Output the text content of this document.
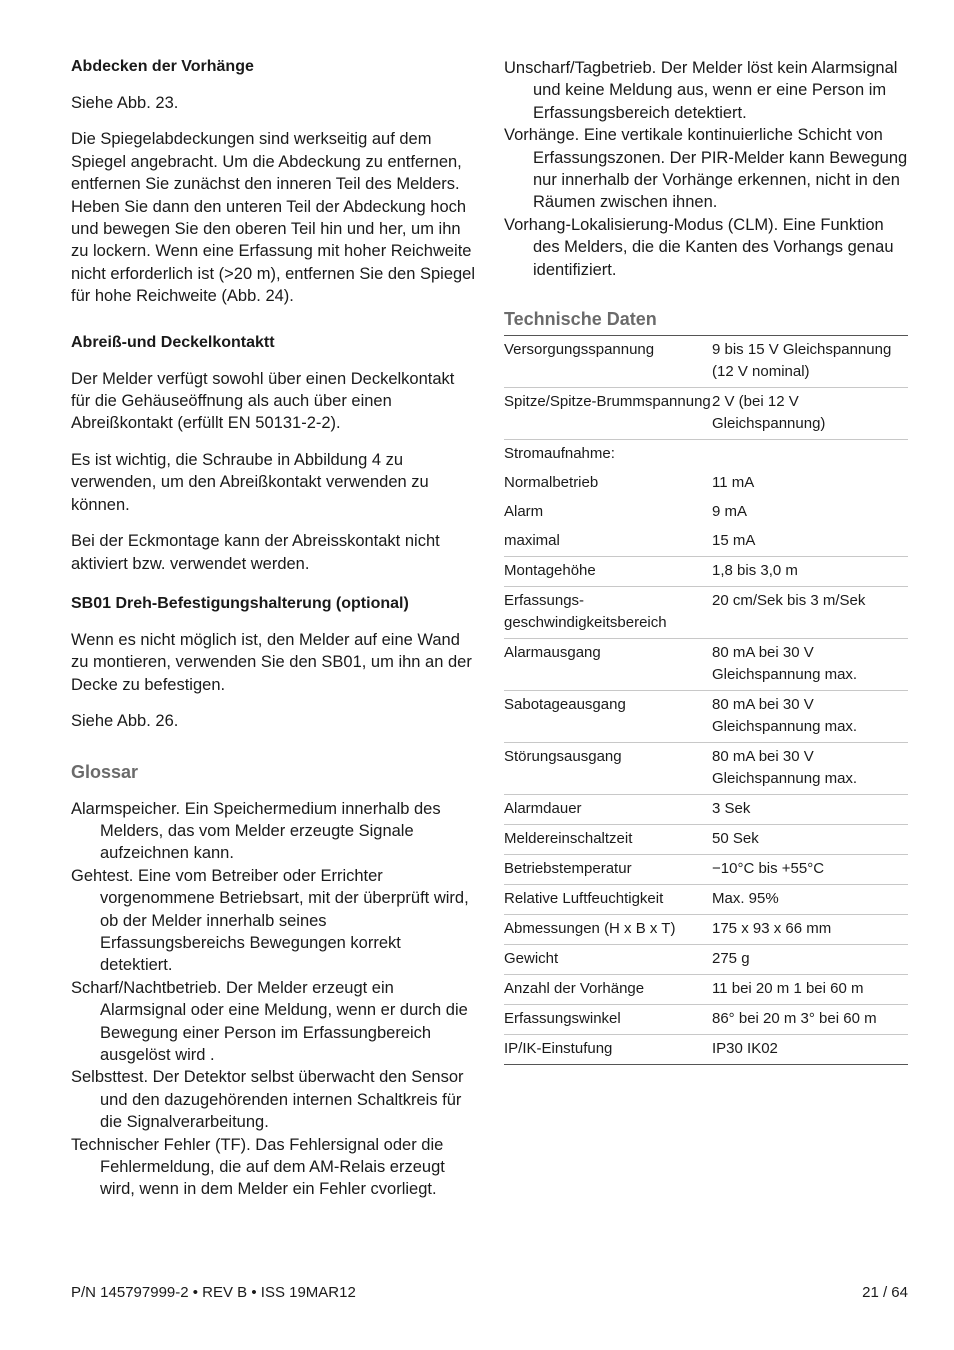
Abdecken der Vorhänge
Siehe Abb. 23.
Die Spiegelabdeckungen sind werkseitig auf dem Spiegel angebracht. Um die Abdeckung zu entfernen, entfernen Sie zunächst den inneren Teil des Melders. Heben Sie dann den unteren Teil der Abdeckung hoch und bewegen Sie den oberen Teil hin und her, um ihn zu lockern. Wenn eine Erfassung mit hoher Reichweite nicht erforderlich ist (>20 m), entfernen Sie den Spiegel für hohe Reichweite (Abb. 24).
Abreiß-und Deckelkontaktt
Der Melder verfügt sowohl über einen Deckelkontakt für die Gehäuseöffnung als auch über einen Abreißkontakt (erfüllt EN 50131-2-2).
Es ist wichtig, die Schraube in Abbildung 4 zu verwenden, um den Abreißkontakt verwenden zu können.
Bei der Eckmontage kann der Abreisskontakt nicht aktiviert bzw. verwendet werden.
SB01 Dreh-Befestigungshalterung (optional)
Wenn es nicht möglich ist, den Melder auf eine Wand zu montieren, verwenden Sie den SB01, um ihn an der Decke zu befestigen.
Siehe Abb. 26.
Glossar
Alarmspeicher. Ein Speichermedium innerhalb des Melders, das vom Melder erzeugte Signale aufzeichnen kann.
Gehtest. Eine vom Betreiber oder Errichter vorgenommene Betriebsart, mit der überprüft wird, ob der Melder innerhalb seines Erfassungsbereichs Bewegungen korrekt detektiert.
Scharf/Nachtbetrieb. Der Melder erzeugt ein Alarmsignal oder eine Meldung, wenn er durch die Bewegung einer Person im Erfassungbereich ausgelöst wird .
Selbsttest. Der Detektor selbst überwacht den Sensor und den dazugehörenden internen Schaltkreis für die Signalverarbeitung.
Technischer Fehler (TF). Das Fehlersignal oder die Fehlermeldung, die auf dem AM-Relais erzeugt wird, wenn in dem Melder ein Fehler cvorliegt.
Unscharf/Tagbetrieb. Der Melder löst kein Alarmsignal und keine Meldung aus, wenn er eine Person im Erfassungsbereich detektiert.
Vorhänge. Eine vertikale kontinuierliche Schicht von Erfassungszonen. Der PIR-Melder kann Bewegung nur innerhalb der Vorhänge erkennen, nicht in den Räumen zwischen ihnen.
Vorhang-Lokalisierung-Modus (CLM). Eine Funktion des Melders, die die Kanten des Vorhangs genau identifiziert.
Technische Daten
Versorgungsspannung	9 bis 15 V Gleichspannung (12 V nominal)
Spitze/Spitze-Brummspannung	2 V (bei 12 V Gleichspannung)
Stromaufnahme:	
Normalbetrieb	11 mA
Alarm	9 mA
maximal	15 mA
Montagehöhe	1,8 bis 3,0 m
Erfassungs-geschwindigkeitsbereich	20 cm/Sek bis 3 m/Sek
Alarmausgang	80 mA bei 30 V Gleichspannung max.
Sabotageausgang	80 mA bei 30 V Gleichspannung max.
Störungsausgang	80 mA bei 30 V Gleichspannung max.
Alarmdauer	3 Sek
Meldereinschaltzeit	50 Sek
Betriebstemperatur	−10°C bis +55°C
Relative Luftfeuchtigkeit	Max. 95%
Abmessungen (H x B x T)	175 x 93 x 66 mm
Gewicht	275 g
Anzahl der Vorhänge	11 bei 20 m 1 bei 60 m
Erfassungswinkel	86° bei 20 m 3° bei 60 m
IP/IK-Einstufung	IP30 IK02
P/N 145797999-2 • REV B • ISS 19MAR12	21 / 64
